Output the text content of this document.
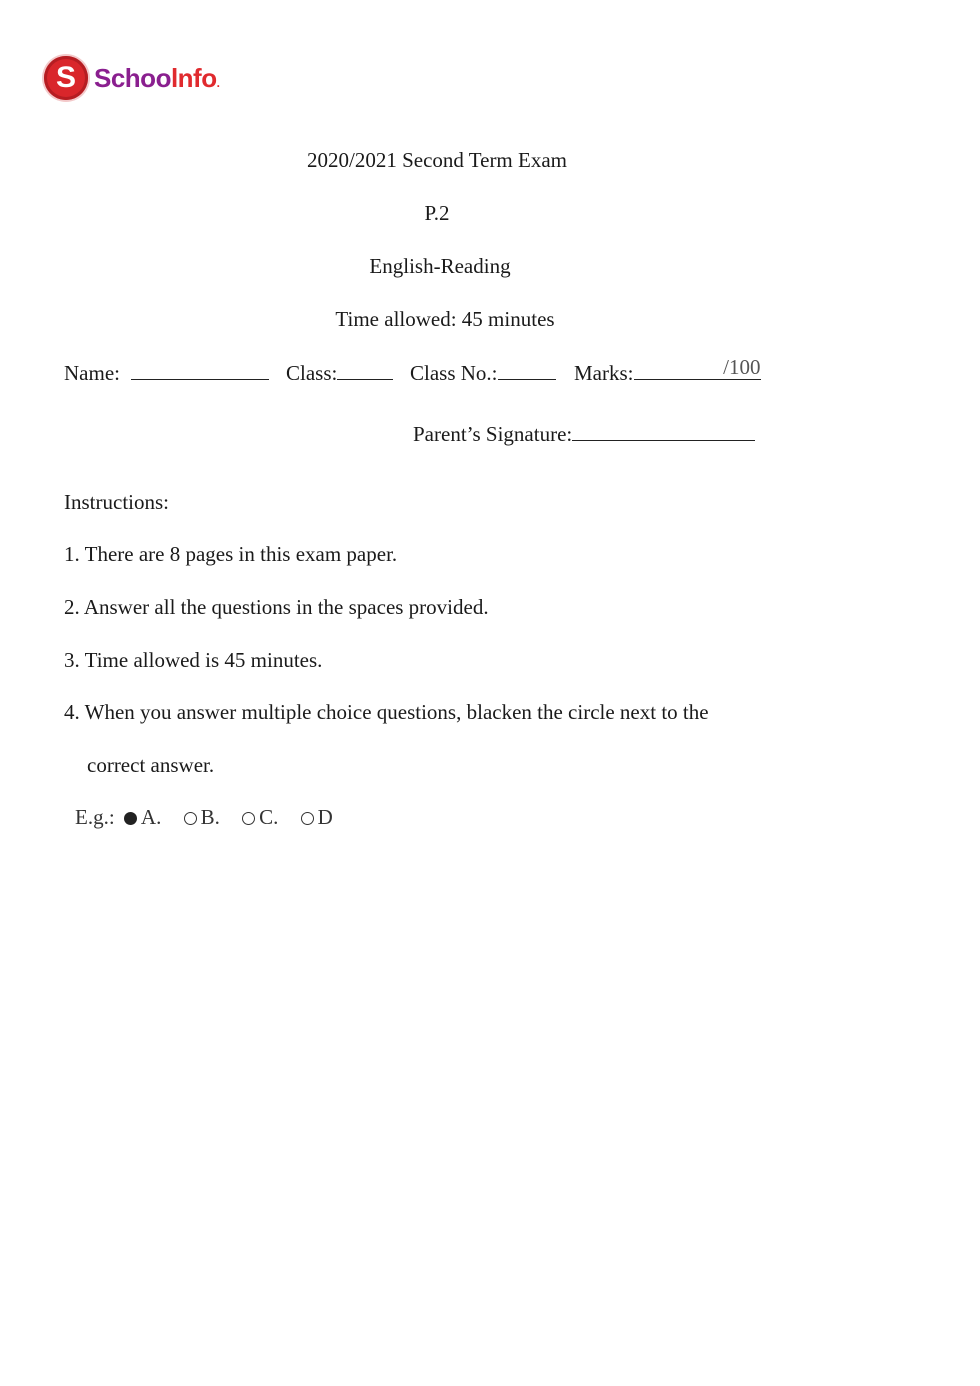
S Schoolnfo.
2020/2021 Second Term Exam
P.2
English-Reading
Time allowed: 45 minutes
Name:	Class:	Class No.:	Marks:	/100
Parent’s Signature:
Instructions:
1. There are 8 pages in this exam paper.
2. Answer all the questions in the spaces provided.
3. Time allowed is 45 minutes.
4. When you answer multiple choice questions, blacken the circle next to the
correct answer.
E.g.: A. B. C. D
